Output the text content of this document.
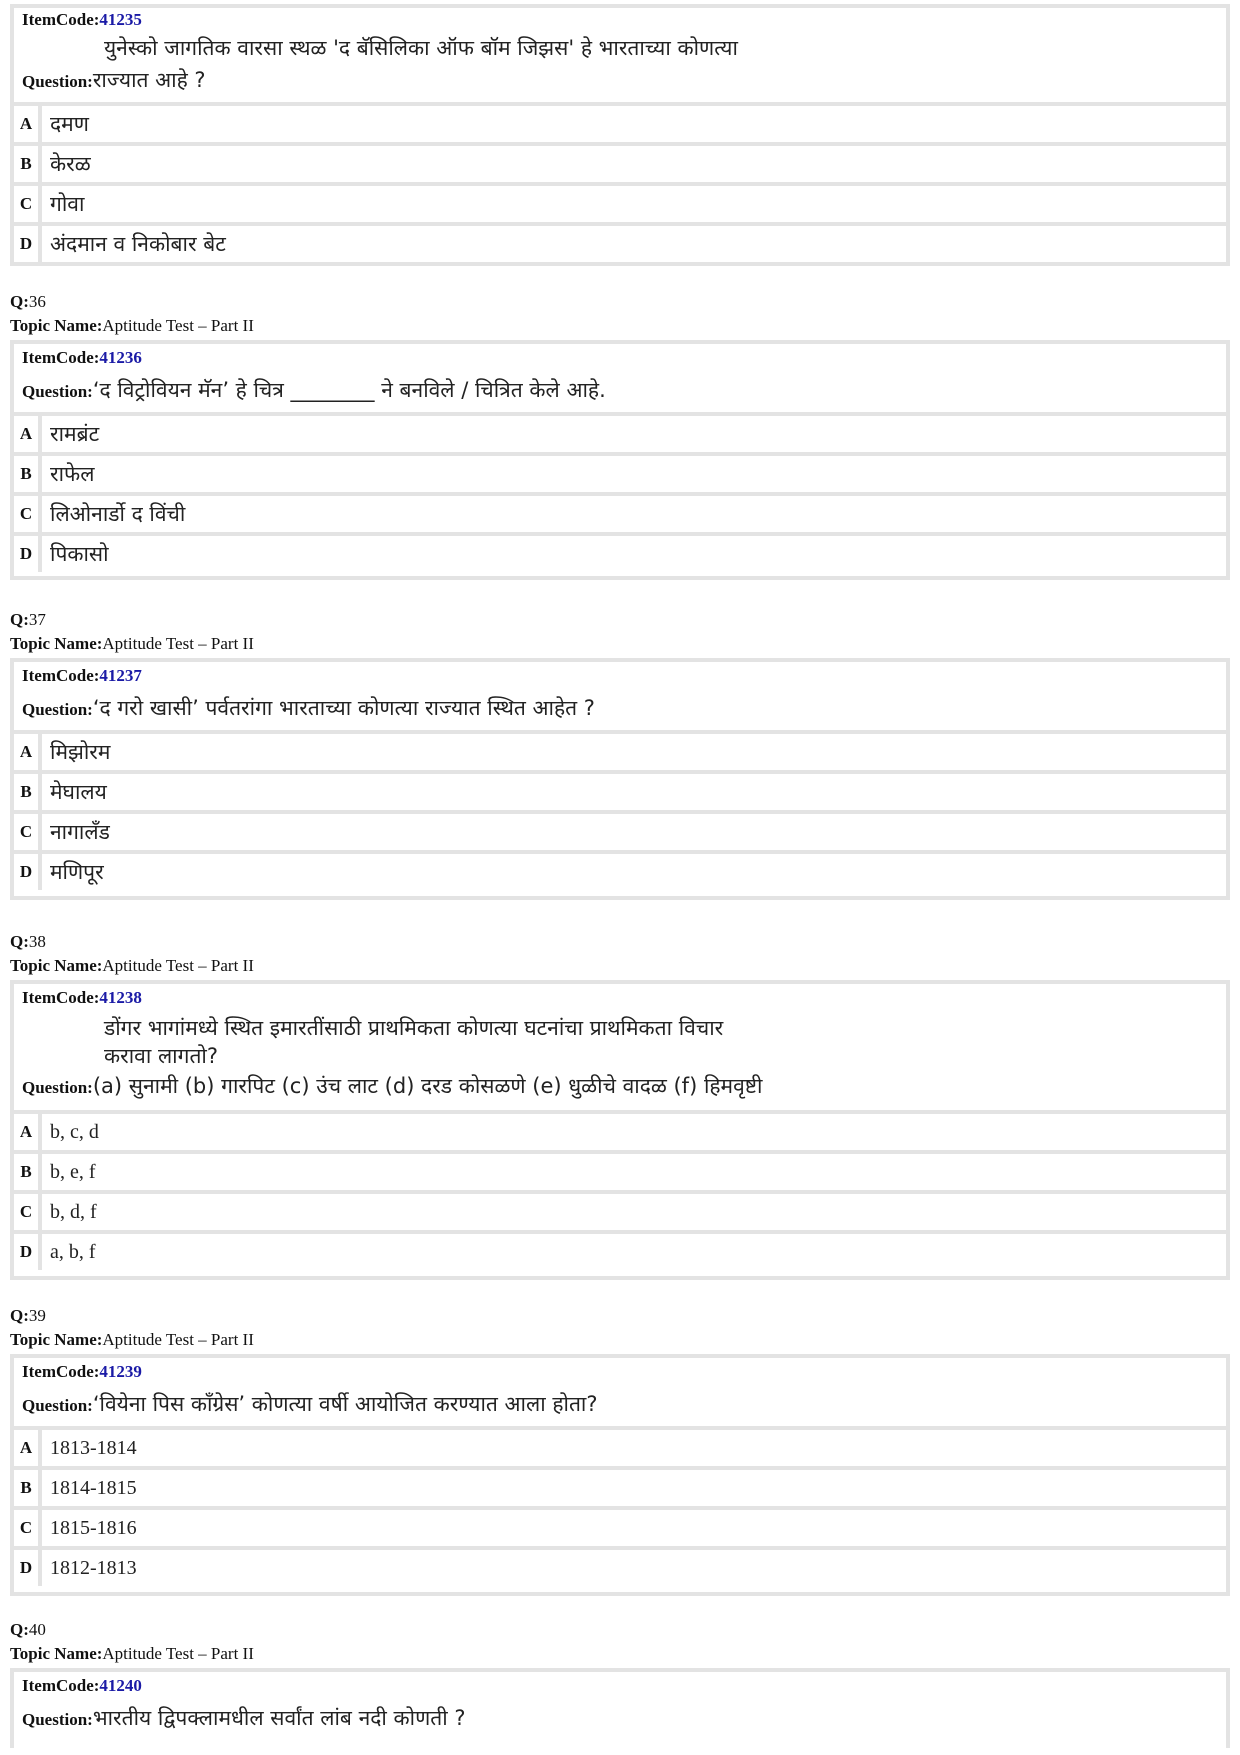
ItemCode:41235
युनेस्को जागतिक वारसा स्थळ 'द बॅसिलिका ऑफ बॉम जिझस' हे भारताच्या कोणत्या
Question:राज्यात आहे ?
A दमण
B केरळ
C गोवा
D अंदमान व निकोबार बेट
Q:36
Topic Name:Aptitude Test – Part II
ItemCode:41236
Question:‘द विट्रोवियन मॅन’ हे चित्र ________ ने बनविले / चित्रित केले आहे.
A रामब्रंट
B राफेल
C लिओनार्डो द विंची
D पिकासो
Q:37
Topic Name:Aptitude Test – Part II
ItemCode:41237
Question:‘द गरो खासी’ पर्वतरांगा भारताच्या कोणत्या राज्यात स्थित आहेत ?
A मिझोरम
B मेघालय
C नागालँड
D मणिपूर
Q:38
Topic Name:Aptitude Test – Part II
ItemCode:41238
डोंगर भागांमध्ये स्थित इमारतींसाठी प्राथमिकता कोणत्या घटनांचा प्राथमिकता विचार
करावा लागतो?
Question:(a) सुनामी (b) गारपिट (c) उंच लाट (d) दरड कोसळणे (e) धुळीचे वादळ (f) हिमवृष्टी
A b, c, d
B b, e, f
C b, d, f
D a, b, f
Q:39
Topic Name:Aptitude Test – Part II
ItemCode:41239
Question:‘वियेना पिस काँग्रेस’ कोणत्या वर्षी आयोजित करण्यात आला होता?
A 1813-1814
B 1814-1815
C 1815-1816
D 1812-1813
Q:40
Topic Name:Aptitude Test – Part II
ItemCode:41240
Question:भारतीय द्विपक्लामधील सर्वांत लांब नदी कोणती ?
